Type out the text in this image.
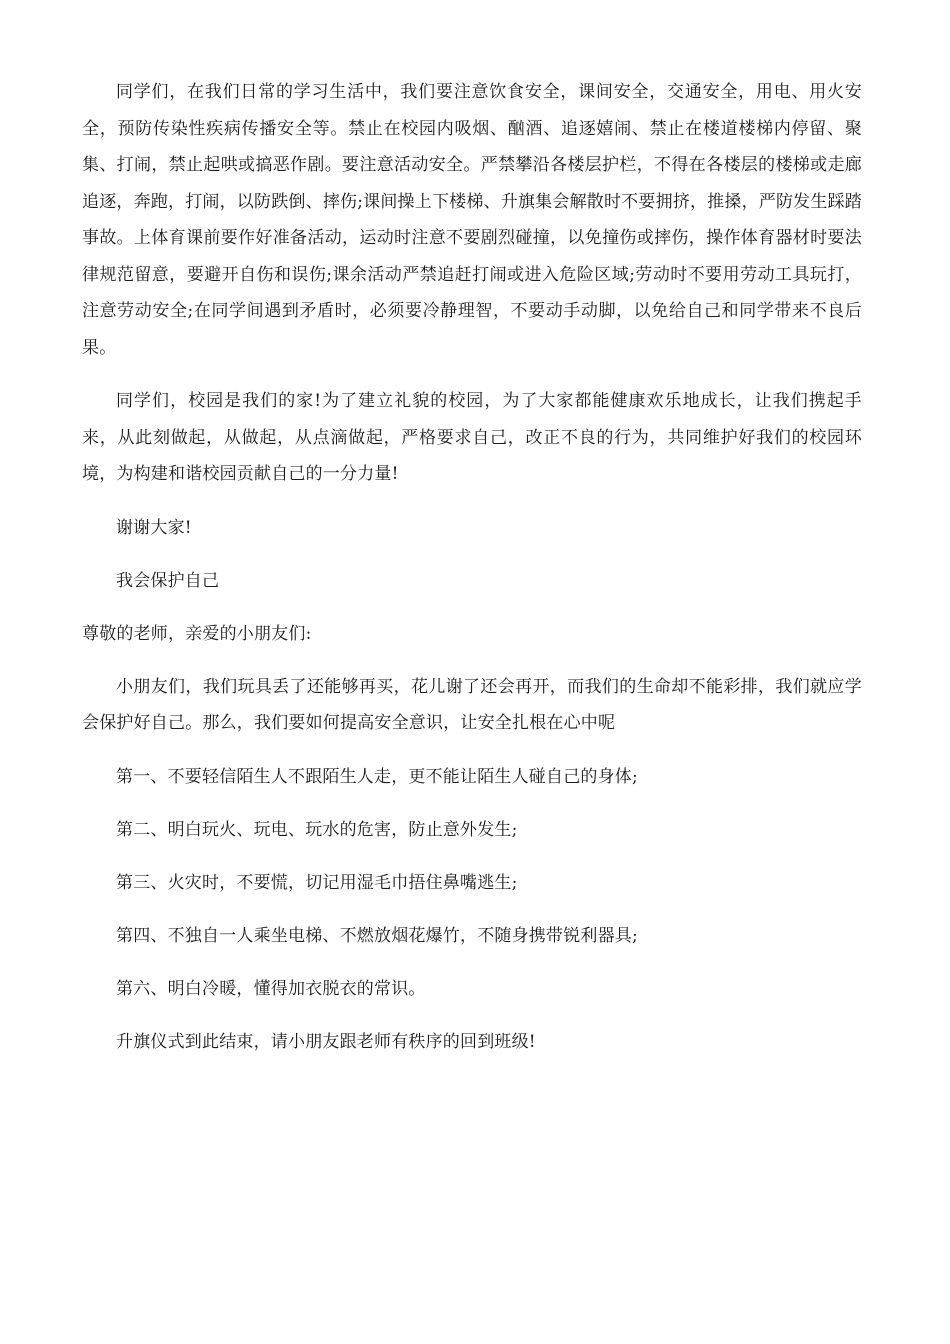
同学们，在我们日常的学习生活中，我们要注意饮食安全，课间安全，交通安全，用电、用火安全，预防传染性疾病传播安全等。禁止在校园内吸烟、酗酒、追逐嬉闹、禁止在楼道楼梯内停留、聚集、打闹，禁止起哄或搞恶作剧。要注意活动安全。严禁攀沿各楼层护栏，不得在各楼层的楼梯或走廊追逐，奔跑，打闹，以防跌倒、摔伤;课间操上下楼梯、升旗集会解散时不要拥挤，推搡，严防发生踩踏事故。上体育课前要作好准备活动，运动时注意不要剧烈碰撞，以免撞伤或摔伤，操作体育器材时要法律规范留意，要避开自伤和误伤;课余活动严禁追赶打闹或进入危险区域;劳动时不要用劳动工具玩打，注意劳动安全;在同学间遇到矛盾时，必须要冷静理智，不要动手动脚，以免给自己和同学带来不良后果。

同学们，校园是我们的家!为了建立礼貌的校园，为了大家都能健康欢乐地成长，让我们携起手来，从此刻做起，从做起，从点滴做起，严格要求自己，改正不良的行为，共同维护好我们的校园环境，为构建和谐校园贡献自己的一分力量!

谢谢大家!

我会保护自己

尊敬的老师，亲爱的小朋友们:

小朋友们，我们玩具丢了还能够再买，花儿谢了还会再开，而我们的生命却不能彩排，我们就应学会保护好自己。那么，我们要如何提高安全意识，让安全扎根在心中呢

第一、不要轻信陌生人不跟陌生人走，更不能让陌生人碰自己的身体;

第二、明白玩火、玩电、玩水的危害，防止意外发生;

第三、火灾时，不要慌，切记用湿毛巾捂住鼻嘴逃生;

第四、不独自一人乘坐电梯、不燃放烟花爆竹，不随身携带锐利器具;

第六、明白冷暖，懂得加衣脱衣的常识。

升旗仪式到此结束，请小朋友跟老师有秩序的回到班级!
